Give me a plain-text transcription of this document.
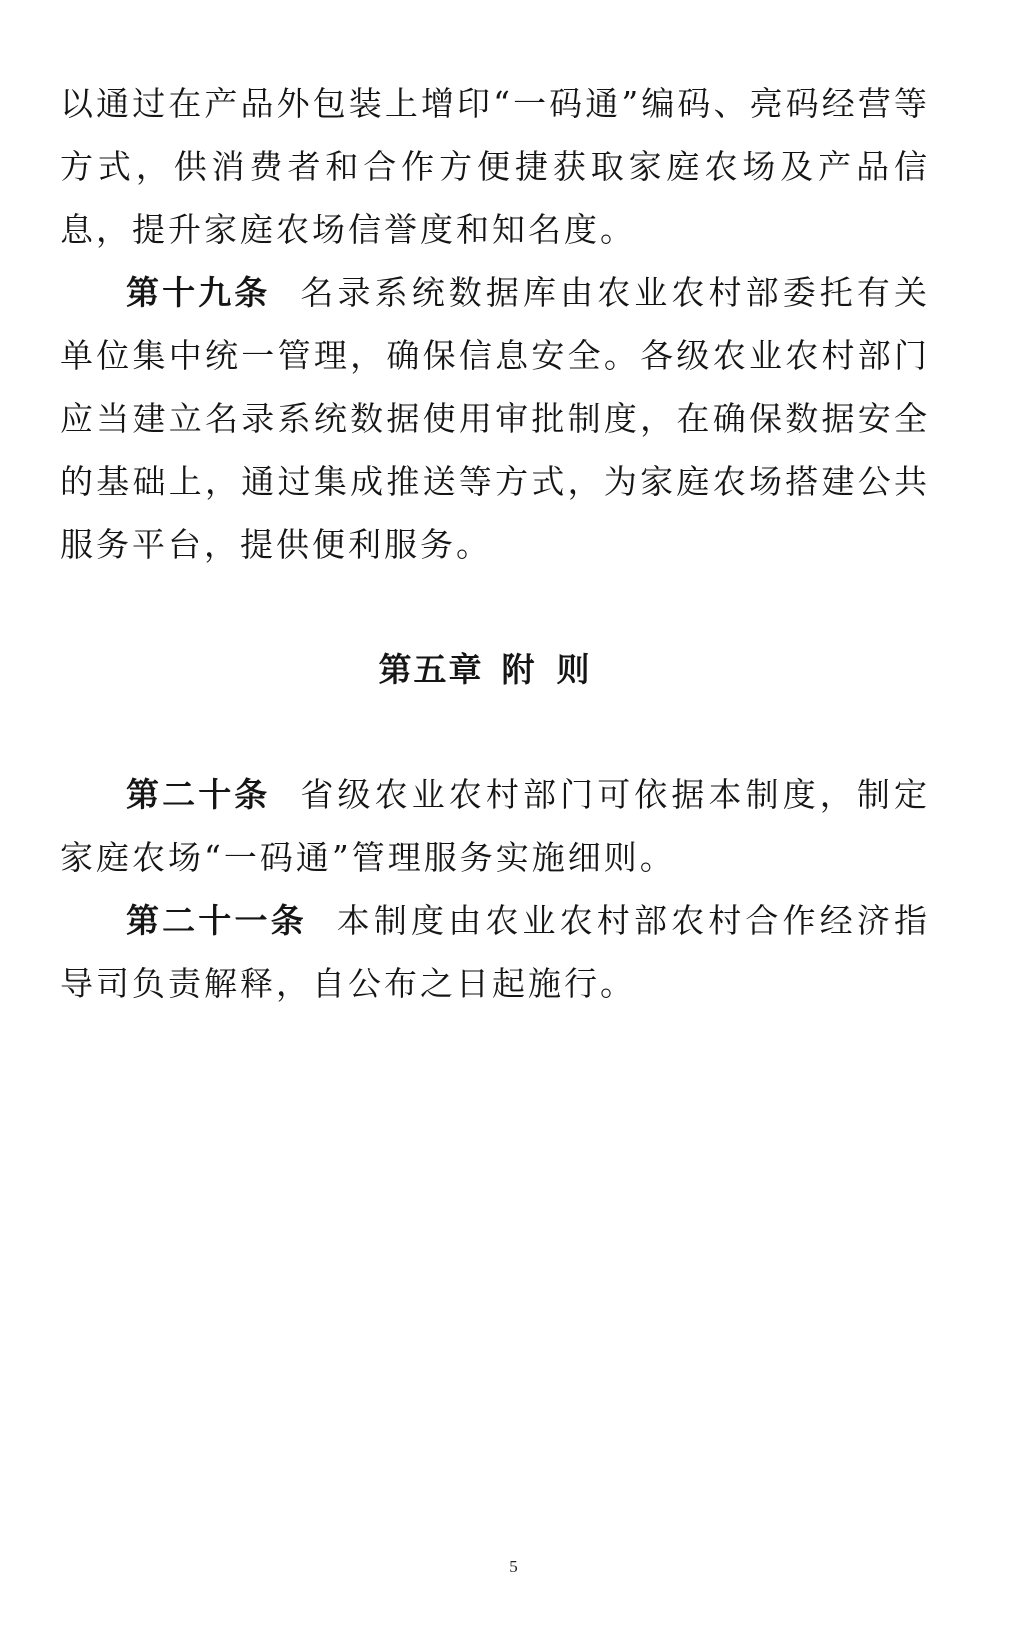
以通过在产品外包装上增印“一码通”编码、亮码经营等方式，供消费者和合作方便捷获取家庭农场及产品信息，提升家庭农场信誉度和知名度。

第十九条 名录系统数据库由农业农村部委托有关单位集中统一管理，确保信息安全。各级农业农村部门应当建立名录系统数据使用审批制度，在确保数据安全的基础上，通过集成推送等方式，为家庭农场搭建公共服务平台，提供便利服务。

第五章 附则

第二十条 省级农业农村部门可依据本制度，制定家庭农场“一码通”管理服务实施细则。

第二十一条 本制度由农业农村部农村合作经济指导司负责解释，自公布之日起施行。

5
